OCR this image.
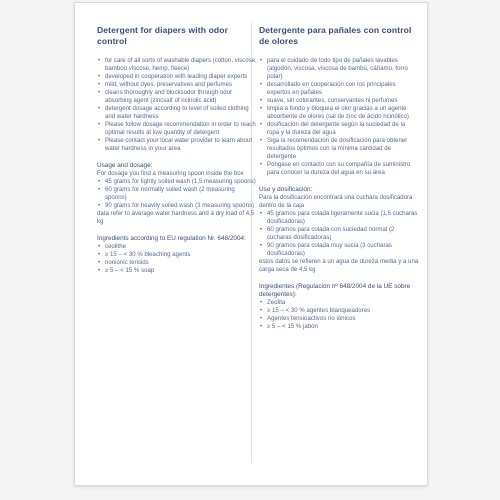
Detergent for diapers with odor control
• for care of all sorts of washable diapers (cotton, viscose, bamboo viscose, hemp, fleece)
• developed in cooperation with leading diaper experts
• mild, without dyes, preservatives and perfumes
• cleans thoroughly and blocksodor through odor absorbing agent (zincsalt of ricinolic acid)
• detergent dosage according to level of soiled clothing and water hardness
• Please follow dosage recommendation in order to reach optimal results at low quantity of detergent
• Please contact your local water provider to learn about water hardness in your area
Usage and dosage:

For dosage you find a measuring spoon inside the box

• 45 grams for lightly soiled wash (1,5 measuring spoons)
• 60 grams for normally soiled wash (2 measuring spoons)
• 90 grams for heavily soiled wash (3 measuring spoons)

data refer to average water hardness and a dry load of 4,5 kg

Ingredients according to EU regulation Nr. 648/2004:
• ceolithe
• ≥ 15 – < 30 % bleaching agents
• nonionic tensids
• ≥ 5 – < 15 % soap
Detergente para pañales con control de olores
• para el cuidado de todo tipo de pañales lavables (algodón, viscosa, viscosa de bambú, cáñamo, forro polar)
• desarrollado en cooperación con los principales expertos en pañales
• suave, sin colorantes, conservantes ni perfumes
• limpia a fondo y bloquea el olor gracias a un agente absorbente de olores (sal de zinc de ácido ricinólico)
• dosificación del detergente según la suciedad de la ropa y la dureza del agua
• Siga la recomendación de dosificación para obtener resultados óptimos con la mínima cantidad de detergente
• Póngase en contacto con su compañía de suministro para conocer la dureza del agua en su área
Uso y dosificación:

Para la dosificación encontrará una cuchara dosificadora dentro de la caja

• 45 gramos para colada ligeramente sucia (1,5 cucharas dosificadoras)
• 60 gramos para colada con suciedad normal (2 cucharas dosificadoras)
• 90 gramos para colada muy sucia (3 cucharas dosificadoras)

estos datos se refieren a un agua de dureza media y a una carga seca de 4,5 kg

Ingredientes (Regulación nº 648/2004 de la UE sobre detergentes):
• Zeolita
• ≥ 15 – < 30 % agentes blanqueadores
• Agentes tensioactivos no iónicos
• ≥ 5 – < 15 % jabón
